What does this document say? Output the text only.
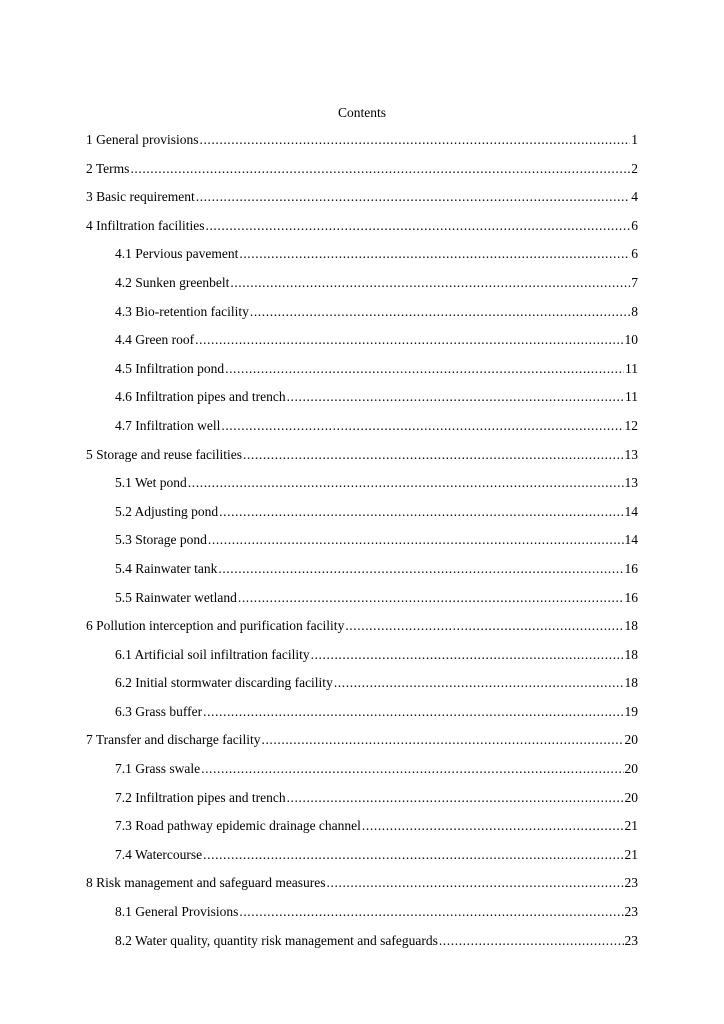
Contents
1 General provisions .....	1
2 Terms .....	2
3 Basic requirement .....	4
4 Infiltration facilities .....	6
4.1 Pervious pavement .....	6
4.2 Sunken greenbelt .....	7
4.3 Bio-retention facility .....	8
4.4 Green roof .....	10
4.5 Infiltration pond .....	11
4.6 Infiltration pipes and trench .....	11
4.7 Infiltration well .....	12
5 Storage and reuse facilities .....	13
5.1 Wet pond .....	13
5.2 Adjusting pond .....	14
5.3 Storage pond .....	14
5.4 Rainwater tank .....	16
5.5 Rainwater wetland .....	16
6 Pollution interception and purification facility .....	18
6.1 Artificial soil infiltration facility .....	18
6.2 Initial stormwater discarding facility .....	18
6.3 Grass buffer .....	19
7 Transfer and discharge facility .....	20
7.1 Grass swale .....	20
7.2 Infiltration pipes and trench .....	20
7.3 Road pathway epidemic drainage channel .....	21
7.4 Watercourse .....	21
8 Risk management and safeguard measures .....	23
8.1 General Provisions .....	23
8.2 Water quality, quantity risk management and safeguards .....	23
